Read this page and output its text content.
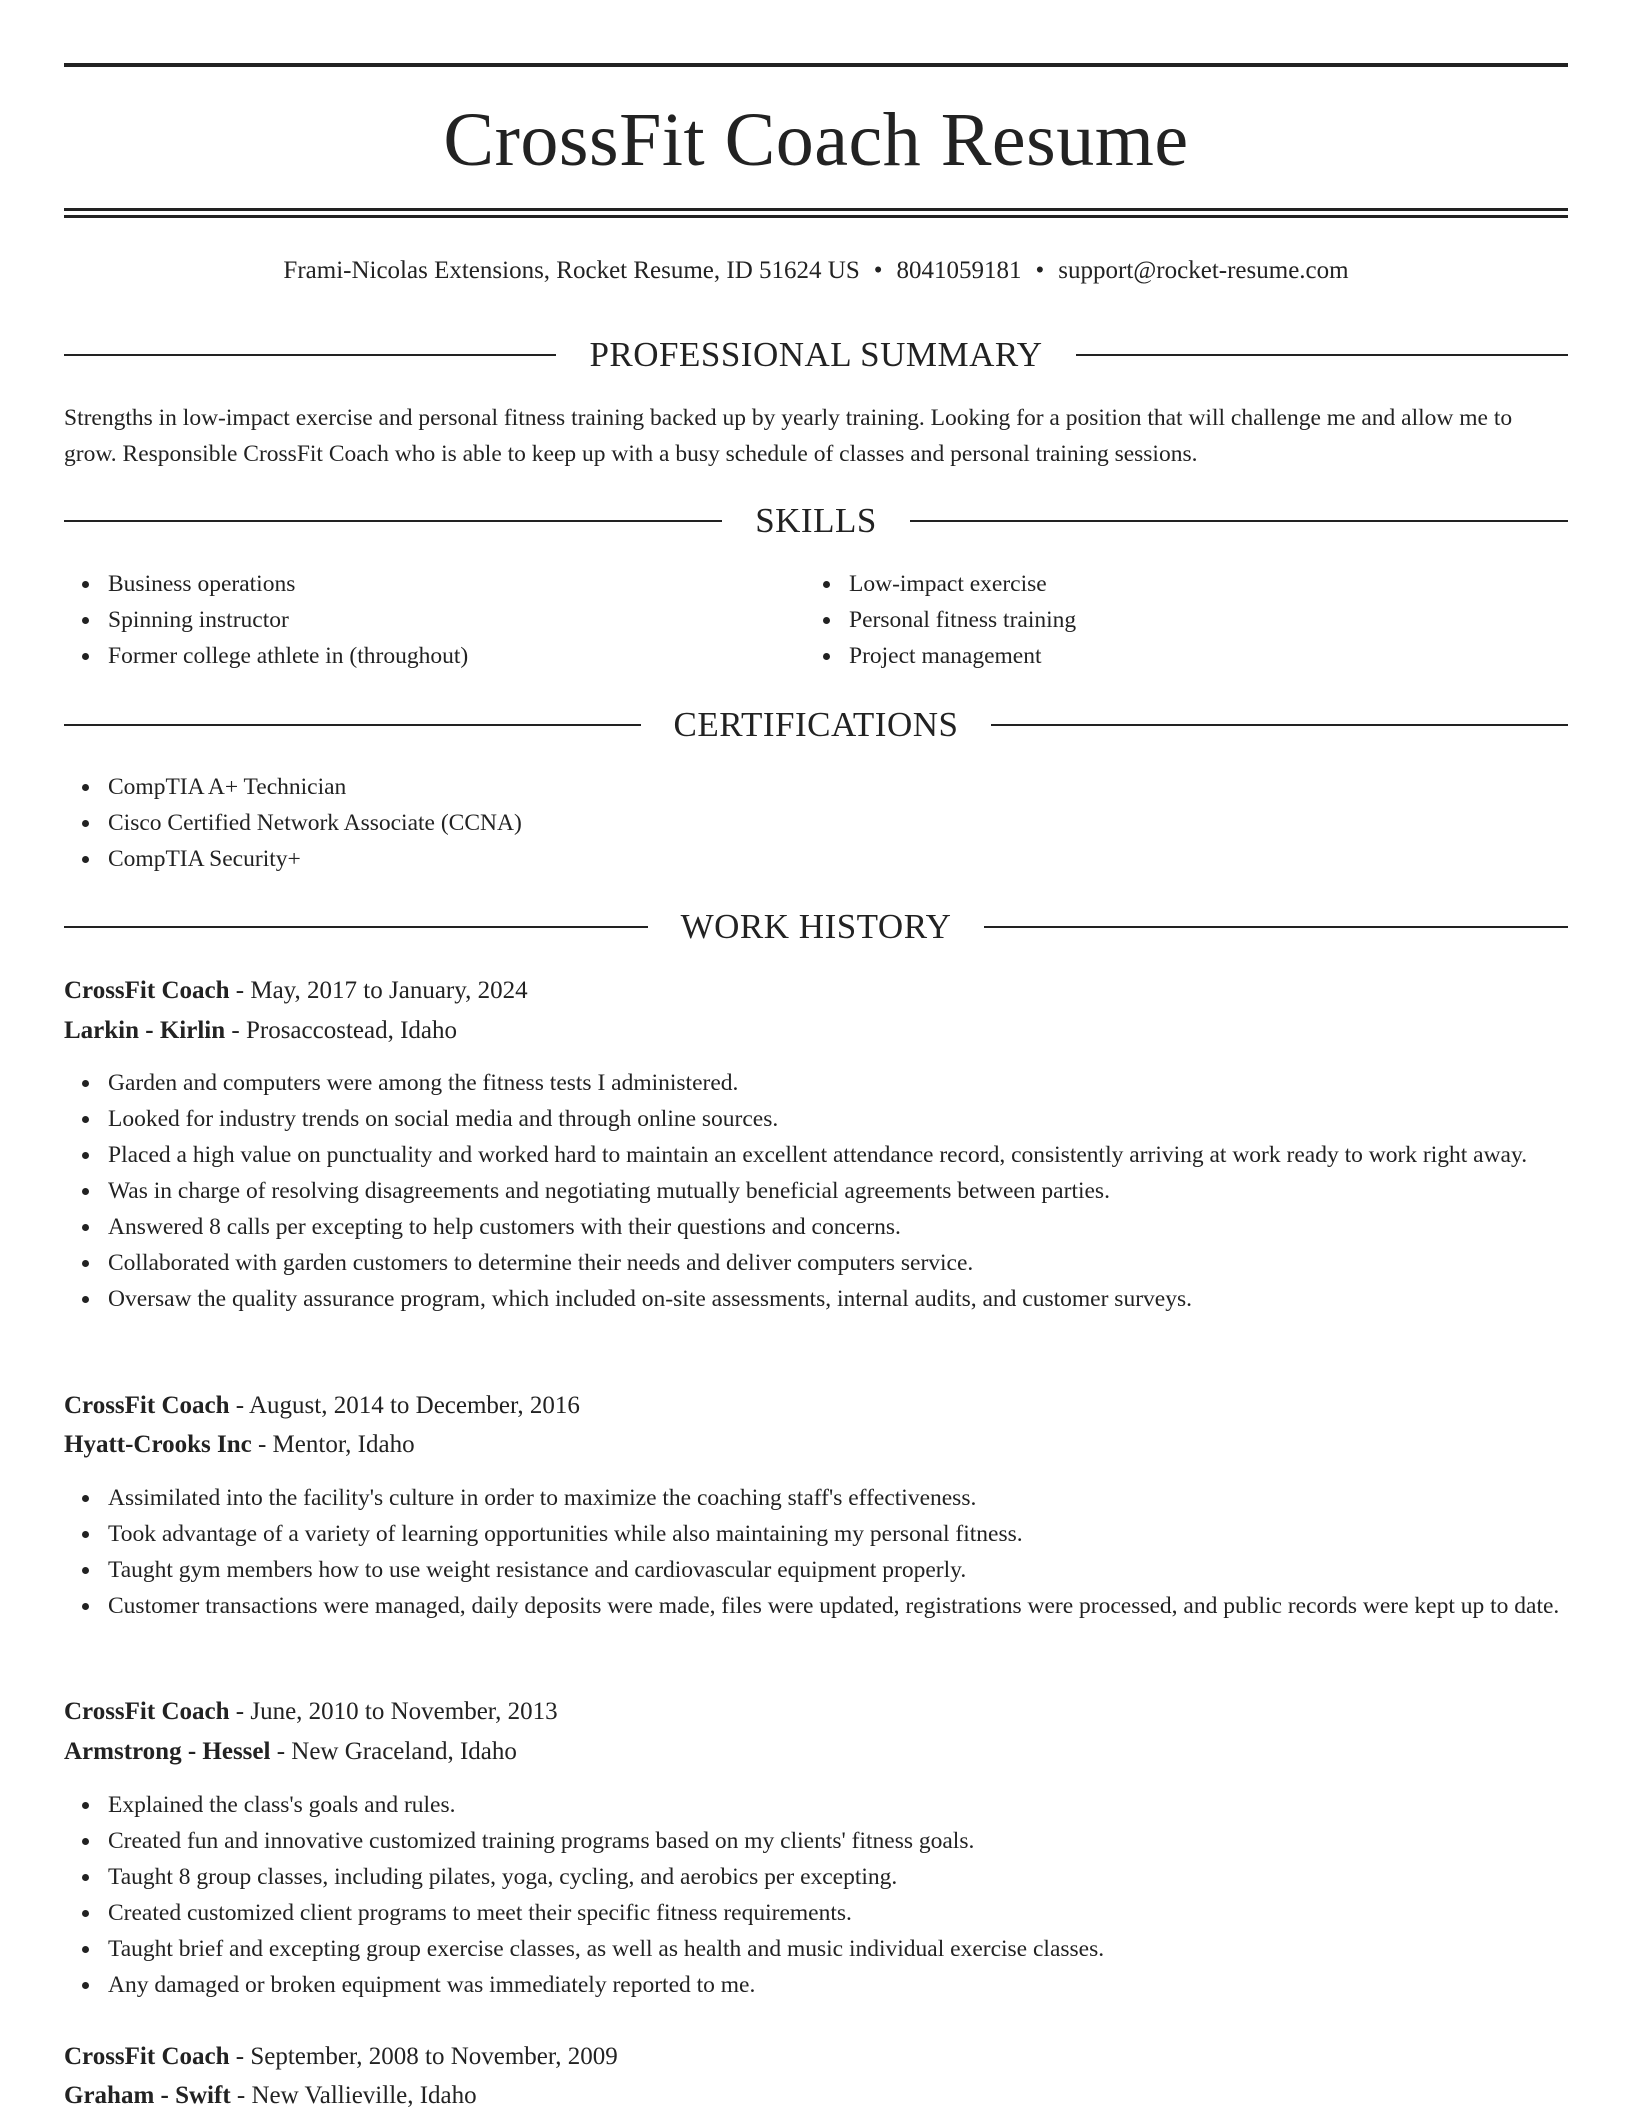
CrossFit Coach Resume
Frami-Nicolas Extensions, Rocket Resume, ID 51624 US • 8041059181 • support@rocket-resume.com
PROFESSIONAL SUMMARY
Strengths in low-impact exercise and personal fitness training backed up by yearly training. Looking for a position that will challenge me and allow me to grow. Responsible CrossFit Coach who is able to keep up with a busy schedule of classes and personal training sessions.
SKILLS
Business operations
Spinning instructor
Former college athlete in (throughout)
Low-impact exercise
Personal fitness training
Project management
CERTIFICATIONS
CompTIA A+ Technician
Cisco Certified Network Associate (CCNA)
CompTIA Security+
WORK HISTORY
CrossFit Coach - May, 2017 to January, 2024
Larkin - Kirlin - Prosaccostead, Idaho
Garden and computers were among the fitness tests I administered.
Looked for industry trends on social media and through online sources.
Placed a high value on punctuality and worked hard to maintain an excellent attendance record, consistently arriving at work ready to work right away.
Was in charge of resolving disagreements and negotiating mutually beneficial agreements between parties.
Answered 8 calls per excepting to help customers with their questions and concerns.
Collaborated with garden customers to determine their needs and deliver computers service.
Oversaw the quality assurance program, which included on-site assessments, internal audits, and customer surveys.
CrossFit Coach - August, 2014 to December, 2016
Hyatt-Crooks Inc - Mentor, Idaho
Assimilated into the facility's culture in order to maximize the coaching staff's effectiveness.
Took advantage of a variety of learning opportunities while also maintaining my personal fitness.
Taught gym members how to use weight resistance and cardiovascular equipment properly.
Customer transactions were managed, daily deposits were made, files were updated, registrations were processed, and public records were kept up to date.
CrossFit Coach - June, 2010 to November, 2013
Armstrong - Hessel - New Graceland, Idaho
Explained the class's goals and rules.
Created fun and innovative customized training programs based on my clients' fitness goals.
Taught 8 group classes, including pilates, yoga, cycling, and aerobics per excepting.
Created customized client programs to meet their specific fitness requirements.
Taught brief and excepting group exercise classes, as well as health and music individual exercise classes.
Any damaged or broken equipment was immediately reported to me.
CrossFit Coach - September, 2008 to November, 2009
Graham - Swift - New Vallieville, Idaho
